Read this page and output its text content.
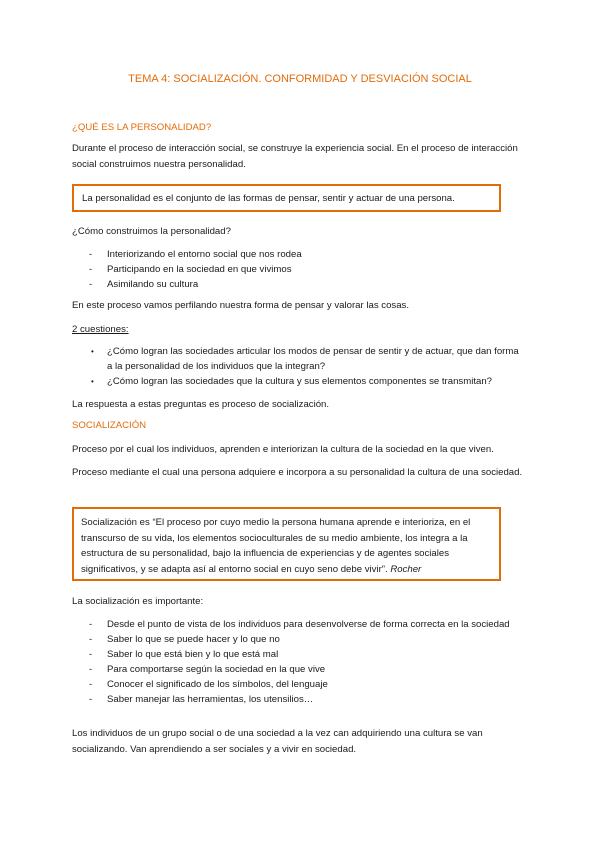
TEMA 4: SOCIALIZACIÓN. CONFORMIDAD Y DESVIACIÓN SOCIAL
¿QUÉ ES LA PERSONALIDAD?
Durante el proceso de interacción social, se construye la experiencia social. En el proceso de interacción social construimos nuestra personalidad.
La personalidad es el conjunto de las formas de pensar, sentir y actuar de una persona.
¿Cómo construimos la personalidad?
- Interiorizando el entorno social que nos rodea
- Participando en la sociedad en que vivimos
- Asimilando su cultura
En este proceso vamos perfilando nuestra forma de pensar y valorar las cosas.
2 cuestiones:
• ¿Cómo logran las sociedades articular los modos de pensar de sentir y de actuar, que dan forma a la personalidad de los individuos que la integran?
• ¿Cómo logran las sociedades que la cultura y sus elementos componentes se transmitan?
La respuesta a estas preguntas es proceso de socialización.
SOCIALIZACIÓN
Proceso por el cual los individuos, aprenden e interiorizan la cultura de la sociedad en la que viven.
Proceso mediante el cual una persona adquiere e incorpora a su personalidad la cultura de una sociedad.
Socialización es “El proceso por cuyo medio la persona humana aprende e interioriza, en el transcurso de su vida, los elementos socioculturales de su medio ambiente, los integra a la estructura de su personalidad, bajo la influencia de experiencias y de agentes sociales significativos, y se adapta así al entorno social en cuyo seno debe vivir”. Rocher
La socialización es importante:
- Desde el punto de vista de los individuos para desenvolverse de forma correcta en la sociedad
- Saber lo que se puede hacer y lo que no
- Saber lo que está bien y lo que está mal
- Para comportarse según la sociedad en la que vive
- Conocer el significado de los símbolos, del lenguaje
- Saber manejar las herramientas, los utensilios…
Los individuos de un grupo social o de una sociedad a la vez can adquiriendo una cultura se van socializando. Van aprendiendo a ser sociales y a vivir en sociedad.
